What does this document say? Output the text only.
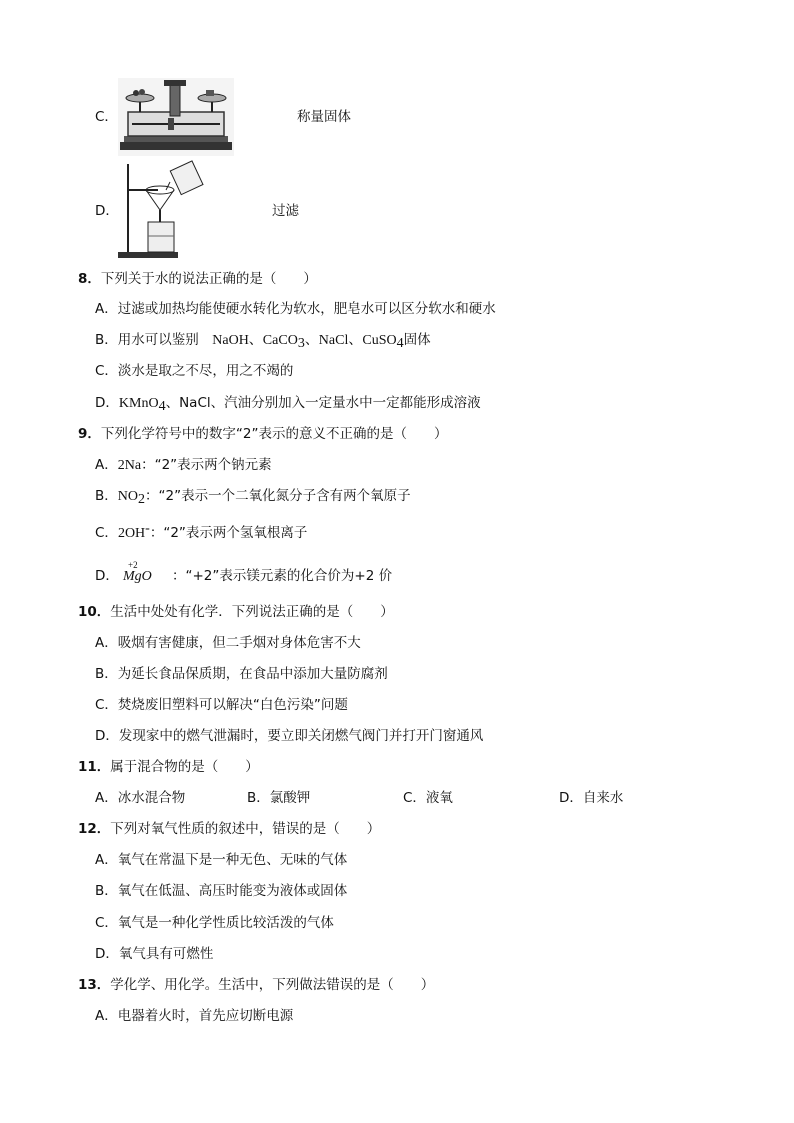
C．	称量固体
D．	过滤
8．下列关于水的说法正确的是（　　）
A．过滤或加热均能使硬水转化为软水，肥皂水可以区分软水和硬水
B．用水可以鉴别　NaOH、CaCO$_3$、NaCl、CuSO$_4$固体
C．淡水是取之不尽，用之不竭的
D．KMnO$_4$、NaCl、汽油分别加入一定量水中一定都能形成溶液
9．下列化学符号中的数字“2”表示的意义不正确的是（　　）
A．2Na：“2”表示两个钠元素
B．$NO_2$：“2”表示一个二氧化氮分子含有两个氧原子
C．2OH-：“2”表示两个氢氧根离子
D．
+2
MgO ：“+2”表示镁元素的化合价为+2 价
10．生活中处处有化学．下列说法正确的是（　　）
A．吸烟有害健康，但二手烟对身体危害不大
B．为延长食品保质期，在食品中添加大量防腐剂
C．焚烧废旧塑料可以解决“白色污染”问题
D．发现家中的燃气泄漏时，要立即关闭燃气阀门并打开门窗通风
11．属于混合物的是（　　）
A．冰水混合物	B．氯酸钾	C．液氧	D．自来水
12．下列对氧气性质的叙述中，错误的是（　　）
A．氧气在常温下是一种无色、无味的气体
B．氧气在低温、高压时能变为液体或固体
C．氧气是一种化学性质比较活泼的气体
D．氧气具有可燃性
13．学化学、用化学。生活中，下列做法错误的是（　　）
A．电器着火时，首先应切断电源
